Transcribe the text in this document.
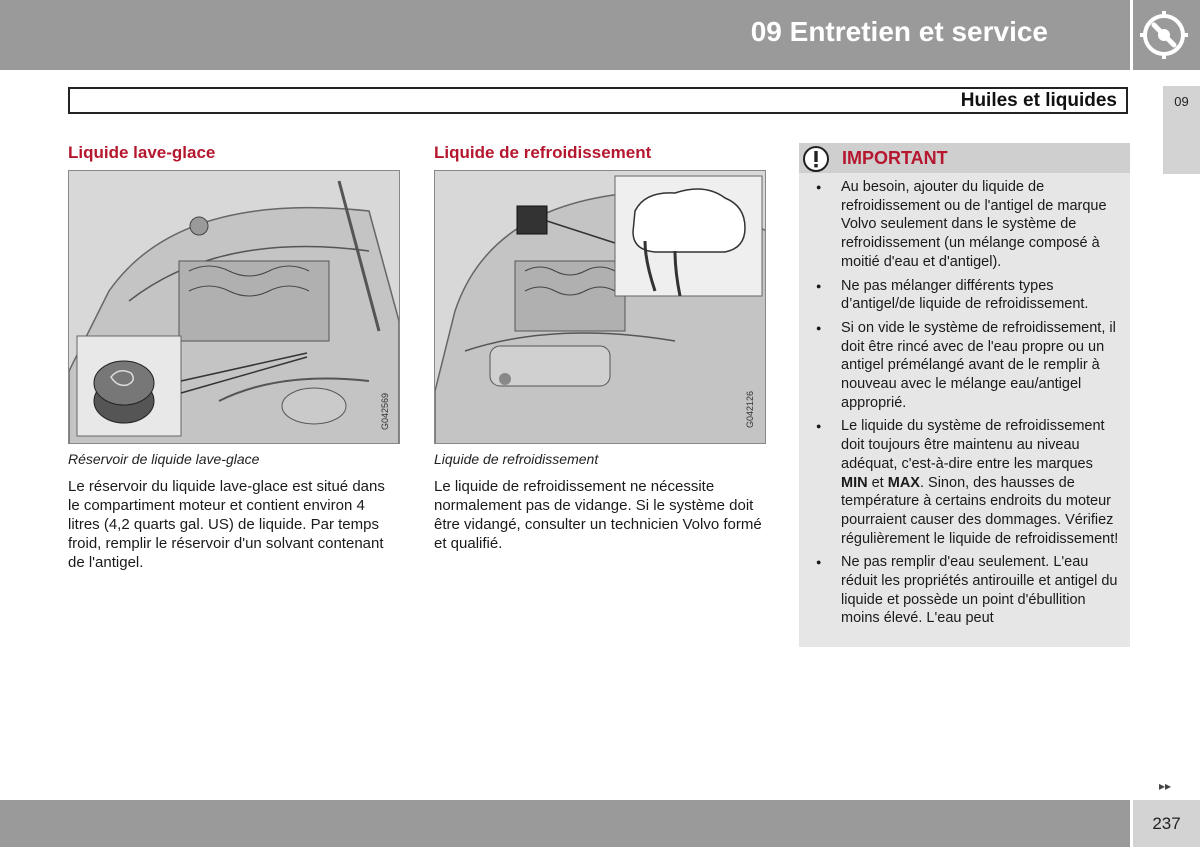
09 Entretien et service
09
Huiles et liquides
Liquide lave-glace
G042569
Réservoir de liquide lave-glace

Le réservoir du liquide lave-glace est situé dans le compartiment moteur et contient environ 4 litres (4,2 quarts gal. US) de liquide. Par temps froid, remplir le réservoir d'un solvant contenant de l'antigel.

Liquide de refroidissement
G042126
Liquide de refroidissement

Le liquide de refroidissement ne nécessite normalement pas de vidange. Si le système doit être vidangé, consulter un technicien Volvo formé et qualifié.

IMPORTANT
● Au besoin, ajouter du liquide de refroidissement ou de l'antigel de marque Volvo seulement dans le système de refroidissement (un mélange composé à moitié d'eau et d'antigel).
● Ne pas mélanger différents types d’antigel/de liquide de refroidissement.
● Si on vide le système de refroidissement, il doit être rincé avec de l'eau propre ou un antigel prémélangé avant de le remplir à nouveau avec le mélange eau/antigel approprié.
● Le liquide du système de refroidissement doit toujours être maintenu au niveau adéquat, c'est-à-dire entre les marques MIN et MAX. Sinon, des hausses de température à certains endroits du moteur pourraient causer des dommages. Vérifiez régulièrement le liquide de refroidissement!
● Ne pas remplir d'eau seulement. L'eau réduit les propriétés antirouille et antigel du liquide et possède un point d'ébullition moins élevé. L'eau peut
▸▸
237
